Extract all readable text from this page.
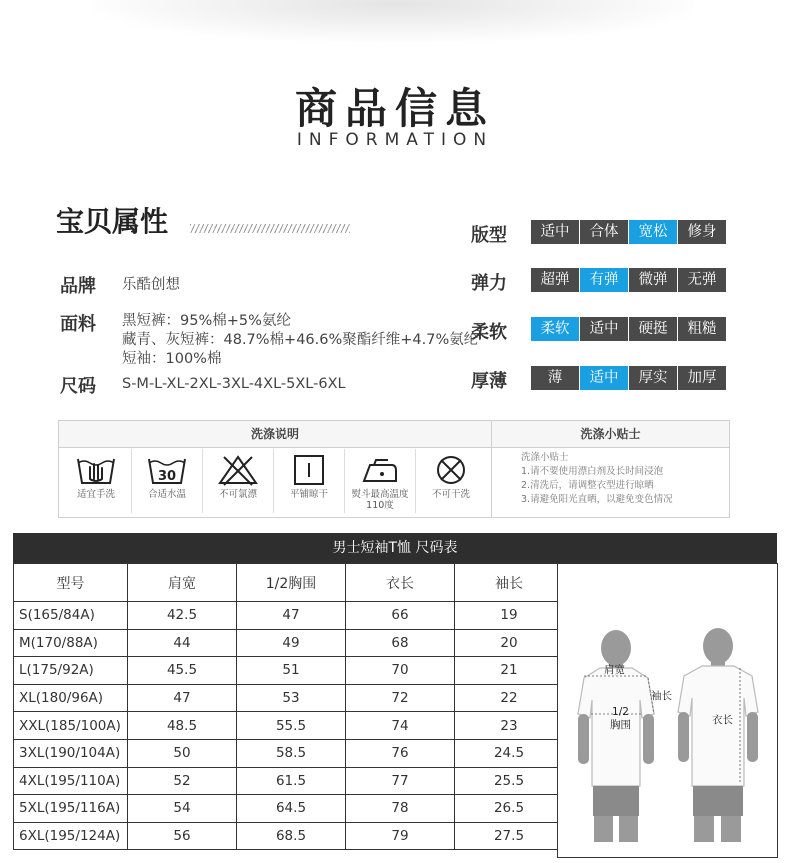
商品信息
INFORMATION
宝贝属性
品牌 乐酷创想
面料 黑短裤：95%棉+5%氨纶
藏青、灰短裤：48.7%棉+46.6%聚酯纤维+4.7%氨纶
短袖：100%棉
尺码 S-M-L-XL-2XL-3XL-4XL-5XL-6XL
版型	适中	合体	宽松	修身
弹力	超弹	有弹	微弹	无弹
柔软	柔软	适中	硬挺	粗糙
厚薄	薄	适中	厚实	加厚
洗涤说明	洗涤小贴士
适宜手洗
30
合适水温	不可氯漂	平铺晾干	熨斗最高温度110度
不可干洗
洗涤小贴士
1.请不要使用漂白剂及长时间浸泡
2.清洗后，请调整衣型进行晾晒
3.请避免阳光直晒，以避免变色情况
男士短袖T恤 尺码表
型号	肩宽	1/2胸围	衣长	袖长
S(165/84A)	42.5	47	66	19
M(170/88A)	44	49	68	20
L(175/92A)	45.5	51	70	21
XL(180/96A)	47	53	72	22
XXL(185/100A)	48.5	55.5	74	23
3XL(190/104A)	50	58.5	76	24.5
4XL(195/110A)	52	61.5	77	25.5
5XL(195/116A)	54	64.5	78	26.5
6XL(195/124A)	56	68.5	79	27.5
肩宽
袖长
1/2
胸围	衣长
